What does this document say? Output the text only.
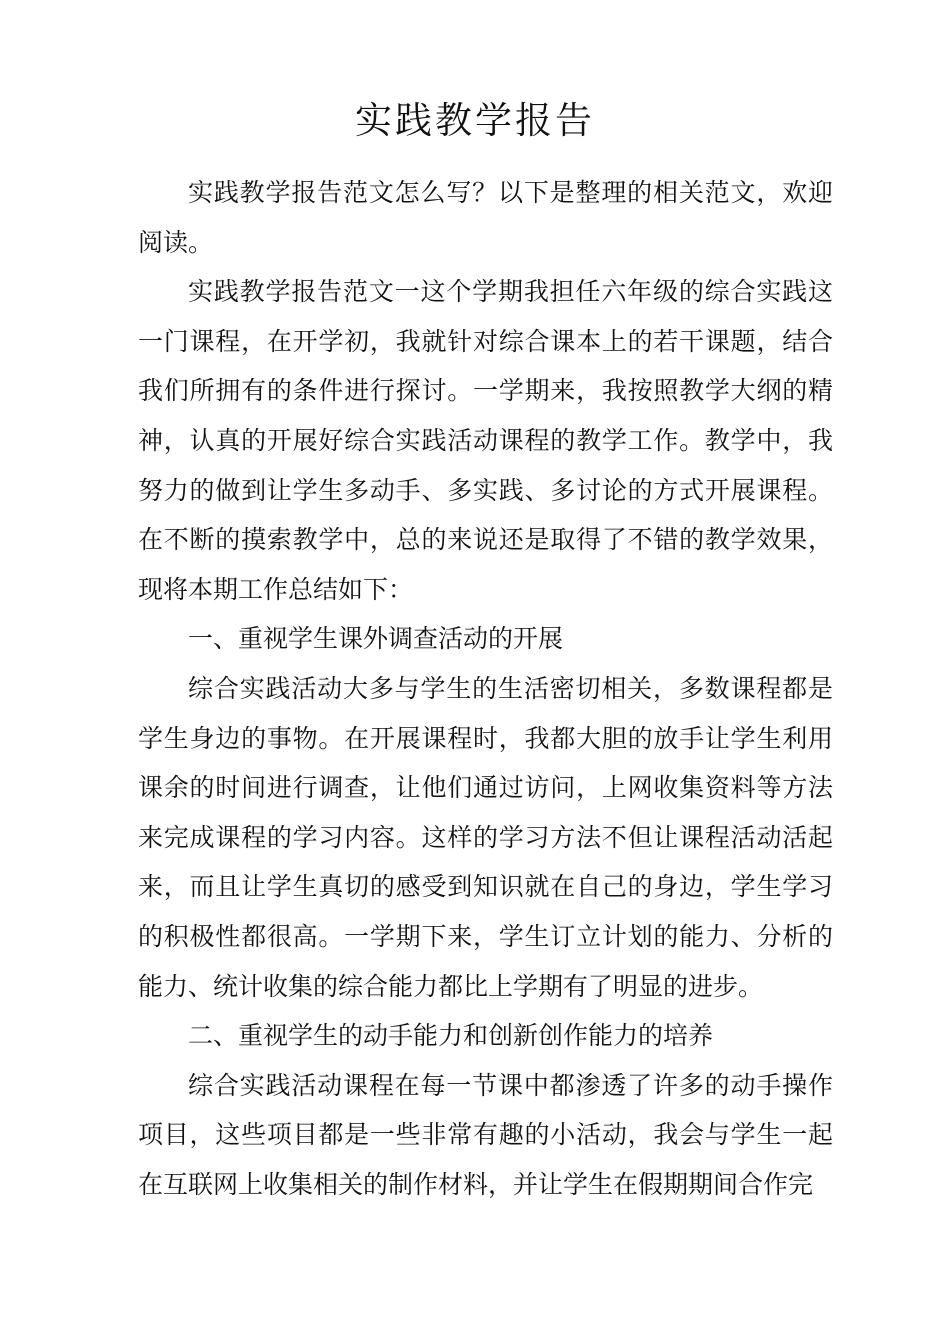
实践教学报告

实践教学报告范文怎么写？以下是整理的相关范文，欢迎阅读。

实践教学报告范文一这个学期我担任六年级的综合实践这一门课程，在开学初，我就针对综合课本上的若干课题，结合我们所拥有的条件进行探讨。一学期来，我按照教学大纲的精神，认真的开展好综合实践活动课程的教学工作。教学中，我努力的做到让学生多动手、多实践、多讨论的方式开展课程。在不断的摸索教学中，总的来说还是取得了不错的教学效果，现将本期工作总结如下：

一、重视学生课外调查活动的开展

综合实践活动大多与学生的生活密切相关，多数课程都是学生身边的事物。在开展课程时，我都大胆的放手让学生利用课余的时间进行调查，让他们通过访问，上网收集资料等方法来完成课程的学习内容。这样的学习方法不但让课程活动活起来，而且让学生真切的感受到知识就在自己的身边，学生学习的积极性都很高。一学期下来，学生订立计划的能力、分析的能力、统计收集的综合能力都比上学期有了明显的进步。

二、重视学生的动手能力和创新创作能力的培养

综合实践活动课程在每一节课中都渗透了许多的动手操作项目，这些项目都是一些非常有趣的小活动，我会与学生一起在互联网上收集相关的制作材料，并让学生在假期期间合作完
